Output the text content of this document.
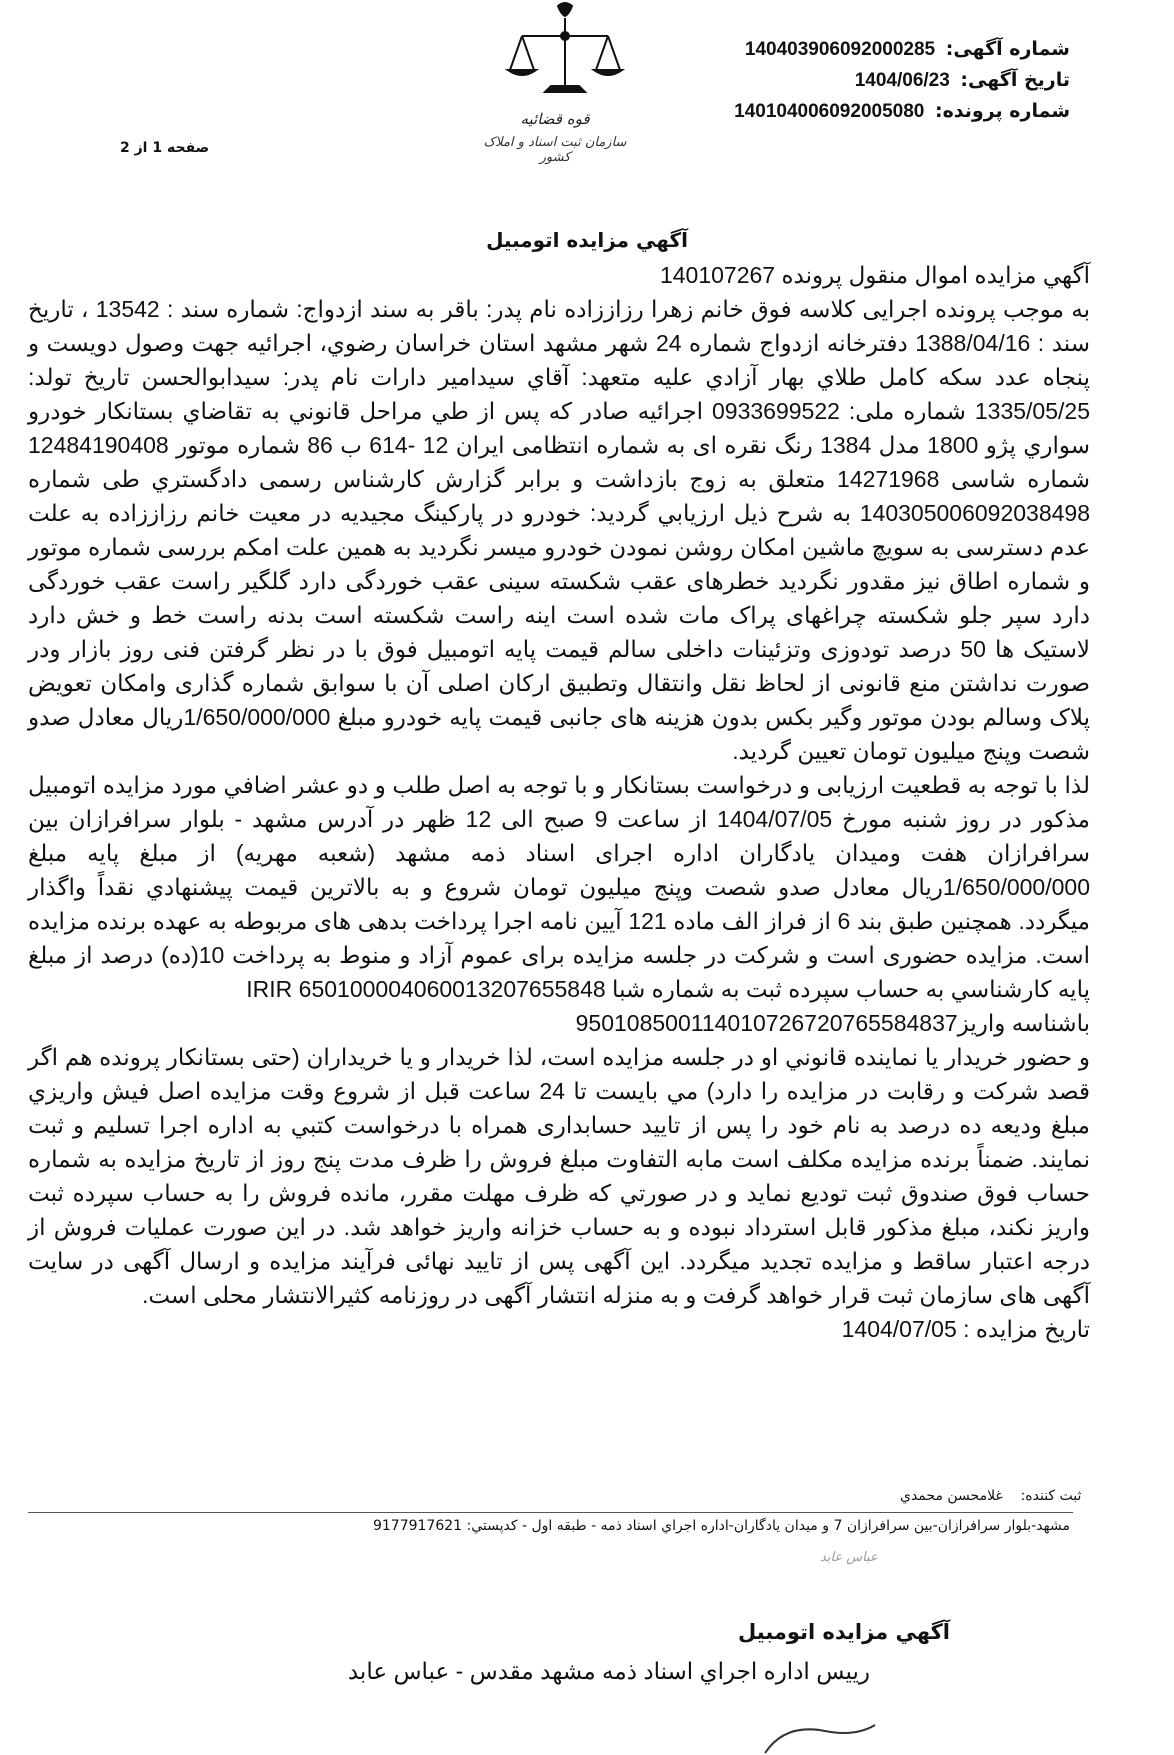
شماره آگهی: 140403906092000285
تاریخ آگهی: 1404/06/23
شماره پرونده: 140104006092005080
صفحه 1 از 2
قوه قضائیه
سازمان ثبت اسناد و املاک کشور
آگهي مزايده اتومبيل

آگهي مزايده اموال منقول پرونده 140107267

به موجب پرونده اجرایی کلاسه فوق خانم زهرا رزاززاده نام پدر: باقر به سند ازدواج: شماره سند : 13542 ، تاریخ سند : 1388/04/16 دفترخانه ازدواج شماره 24 شهر مشهد استان خراسان رضوي، اجرائيه جهت وصول دويست و پنجاه عدد سکه کامل طلاي بهار آزادي عليه متعهد: آقاي سيدامير دارات نام پدر: سیدابوالحسن تاریخ تولد: 1335/05/25 شماره ملی: 0933699522 اجرائيه صادر که پس از طي مراحل قانوني به تقاضاي بستانکار خودرو سواري پژو 1800 مدل 1384 رنگ نقره ای به شماره انتظامی ایران 12 -614 ب 86 شماره موتور 12484190408 شماره شاسی 14271968 متعلق به زوج بازداشت و برابر گزارش كارشناس رسمی دادگستري طی شماره 140305006092038498 به شرح ذیل ارزيابي گردید: خودرو در پارکینگ مجیدیه در معیت خانم رزاززاده به علت عدم دسترسی به سویچ ماشین امکان روشن نمودن خودرو میسر نگردید به همین علت امکم بررسی شماره موتور و شماره اطاق نیز مقدور نگردید خطرهای عقب شکسته سینی عقب خوردگی دارد گلگیر راست عقب خوردگی دارد سپر جلو شکسته چراغهای پراک مات شده است اینه راست شکسته است بدنه راست خط و خش دارد لاستیک ها 50 درصد تودوزی وتزئینات داخلی سالم قیمت پایه اتومبیل فوق با در نظر گرفتن فنی روز بازار ودر صورت نداشتن منع قانونی از لحاظ نقل وانتقال وتطبیق ارکان اصلی آن با سوابق شماره گذاری وامکان تعویض پلاک وسالم بودن موتور وگیر بکس بدون هزینه های جانبی قیمت پایه خودرو مبلغ 1/650/000/000ریال معادل صدو شصت وپنج میلیون تومان تعیین گردید.

لذا با توجه به قطعيت ارزيابی و درخواست بستانكار و با توجه به اصل طلب و دو عشر اضافي مورد مزايده اتومبيل مذكور در روز شنبه مورخ 1404/07/05 از ساعت 9 صبح الی 12 ظهر در آدرس مشهد - بلوار سرافرازان بين سرافرازان هفت وميدان يادگاران اداره اجرای اسناد ذمه مشهد (شعبه مهريه) از مبلغ پايه مبلغ 1/650/000/000ریال معادل صدو شصت وپنج میلیون تومان شروع و به بالاترين قيمت پيشنهادي نقداً واگذار ميگردد. همچنین طبق بند 6 از فراز الف ماده 121 آیین نامه اجرا پرداخت بدهی های مربوطه به عهده برنده مزایده است. مزایده حضوری است و شرکت در جلسه مزایده برای عموم آزاد و منوط به پرداخت 10(ده) درصد از مبلغ پایه کارشناسي به حساب سپرده ثبت به شماره شبا IRIR 650100004060013207655848

باشناسه واریز950108500114010726720765584837

و حضور خريدار يا نماينده قانوني او در جلسه مزايده است، لذا خریدار و یا خریداران (حتی بستانکار پرونده هم اگر قصد شرکت و رقابت در مزایده را دارد) مي بايست تا 24 ساعت قبل از شروع وقت مزايده اصل فيش واريزي مبلغ وديعه ده درصد به نام خود را پس از تایید حسابداری همراه با درخواست کتبي به اداره اجرا تسليم و ثبت نمايند. ضمناً برنده مزايده مكلف است مابه التفاوت مبلغ فروش را ظرف مدت پنج روز از تاريخ مزايده به شماره حساب فوق صندوق ثبت توديع نمايد و در صورتي كه ظرف مهلت مقرر، مانده فروش را به حساب سپرده ثبت واريز نكند، مبلغ مذكور قابل استرداد نبوده و به حساب خزانه واريز خواهد شد. در اين صورت عمليات فروش از درجه اعتبار ساقط و مزايده تجديد ميگردد. اين آگهی پس از تاييد نهائی فرآيند مزايده و ارسال آگهی در سايت آگهی های سازمان ثبت قرار خواهد گرفت و به منزله انتشار آگهی در روزنامه كثيرالانتشار محلی است.

تاریخ مزایده : 1404/07/05

ثبت کننده:    غلامحسن محمدي
مشهد-بلوار سرافرازان-بین سرافرازان 7 و میدان یادگاران-اداره اجراي اسناد ذمه - طبقه اول - كدپستي: 9177917621
عباس عابد
آگهي مزايده اتومبيل
رييس اداره اجراي اسناد ذمه مشهد مقدس - عباس عابد
